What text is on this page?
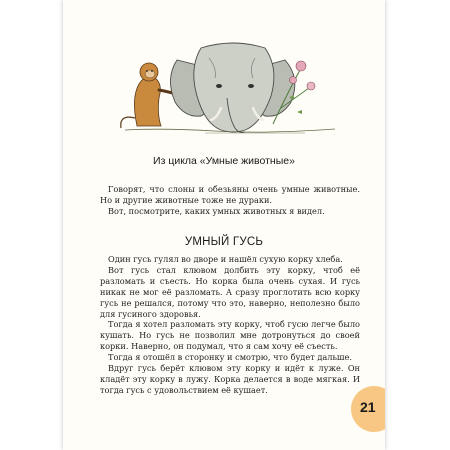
Из цикла «Умные животные»

Говорят, что слоны и обезьяны очень умные животные. Но и другие животные тоже не дураки.

Вот, посмотрите, каких умных животных я видел.

УМНЫЙ ГУСЬ

Один гусь гулял во дворе и нашёл сухую корку хлеба.

Вот гусь стал клювом долбить эту корку, чтоб её разломать и съесть. Но корка была очень сухая. И гусь никак не мог её разломать. А сразу проглотить всю корку гусь не решался, потому что это, наверно, неполезно было для гусиного здоровья.

Тогда я хотел разломать эту корку, чтоб гусю легче было кушать. Но гусь не позволил мне дотронуться до своей корки. Наверно, он подумал, что я сам хочу её съесть.

Тогда я отошёл в сторонку и смотрю, что будет дальше.

Вдруг гусь берёт клювом эту корку и идёт к луже. Он кладёт эту корку в лужу. Корка делается в воде мягкая. И тогда гусь с удовольствием её кушает.

21
